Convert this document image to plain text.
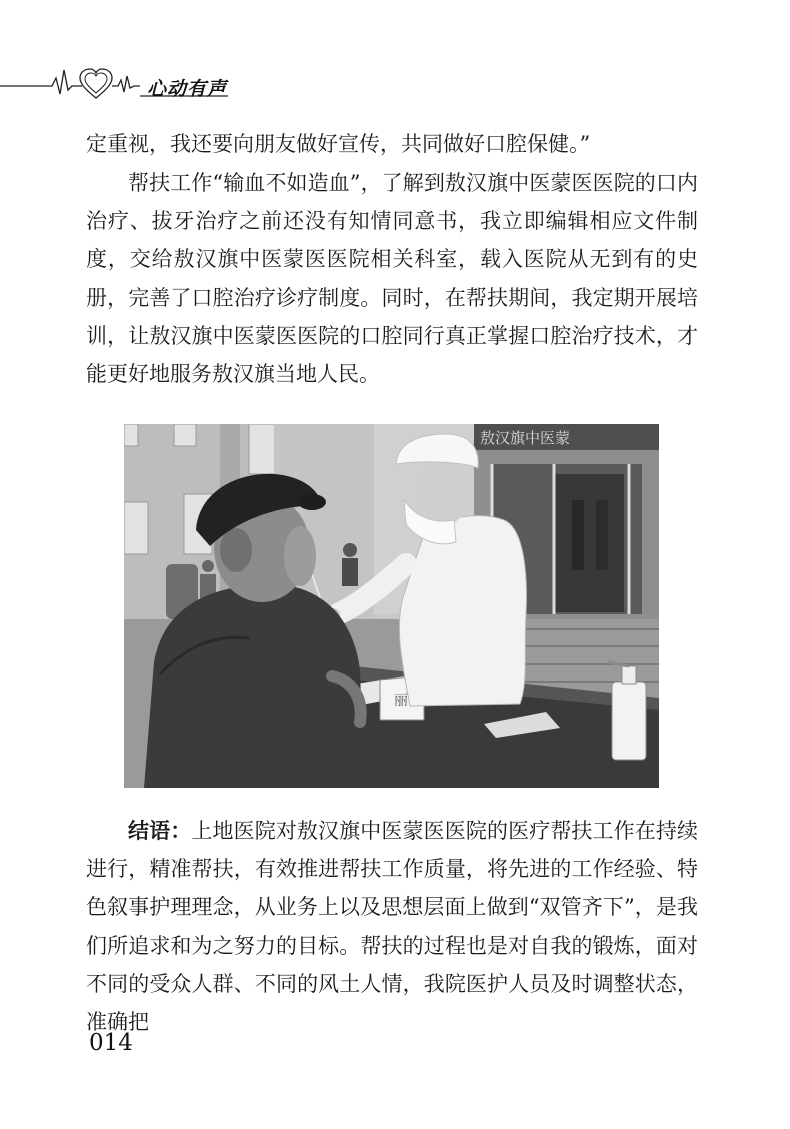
心动有声

定重视，我还要向朋友做好宣传，共同做好口腔保健。”

帮扶工作“输血不如造血”，了解到敖汉旗中医蒙医医院的口内治疗、拔牙治疗之前还没有知情同意书，我立即编辑相应文件制度，交给敖汉旗中医蒙医医院相关科室，载入医院从无到有的史册，完善了口腔治疗诊疗制度。同时，在帮扶期间，我定期开展培训，让敖汉旗中医蒙医医院的口腔同行真正掌握口腔治疗技术，才能更好地服务敖汉旗当地人民。

敖汉旗中医蒙
丽

结语：上地医院对敖汉旗中医蒙医医院的医疗帮扶工作在持续进行，精准帮扶，有效推进帮扶工作质量，将先进的工作经验、特色叙事护理理念，从业务上以及思想层面上做到“双管齐下”，是我们所追求和为之努力的目标。帮扶的过程也是对自我的锻炼，面对不同的受众人群、不同的风土人情，我院医护人员及时调整状态，准确把

014
